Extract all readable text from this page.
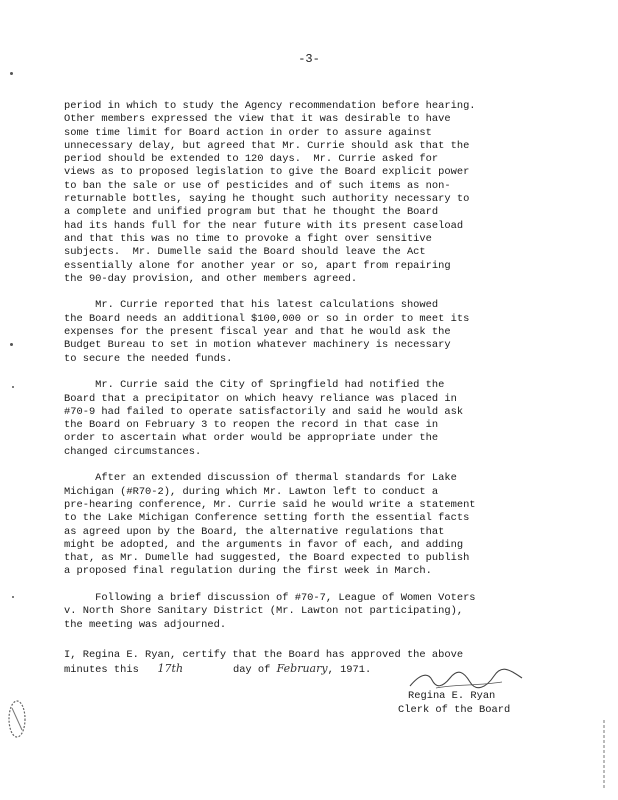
-3-
period in which to study the Agency recommendation before hearing.
Other members expressed the view that it was desirable to have
some time limit for Board action in order to assure against
unnecessary delay, but agreed that Mr. Currie should ask that the
period should be extended to 120 days.  Mr. Currie asked for
views as to proposed legislation to give the Board explicit power
to ban the sale or use of pesticides and of such items as non-
returnable bottles, saying he thought such authority necessary to
a complete and unified program but that he thought the Board
had its hands full for the near future with its present caseload
and that this was no time to provoke a fight over sensitive
subjects.  Mr. Dumelle said the Board should leave the Act
essentially alone for another year or so, apart from repairing
the 90-day provision, and other members agreed.
Mr. Currie reported that his latest calculations showed
the Board needs an additional $100,000 or so in order to meet its
expenses for the present fiscal year and that he would ask the
Budget Bureau to set in motion whatever machinery is necessary
to secure the needed funds.
Mr. Currie said the City of Springfield had notified the
Board that a precipitator on which heavy reliance was placed in
#70-9 had failed to operate satisfactorily and said he would ask
the Board on February 3 to reopen the record in that case in
order to ascertain what order would be appropriate under the
changed circumstances.
After an extended discussion of thermal standards for Lake
Michigan (#R70-2), during which Mr. Lawton left to conduct a
pre-hearing conference, Mr. Currie said he would write a statement
to the Lake Michigan Conference setting forth the essential facts
as agreed upon by the Board, the alternative regulations that
might be adopted, and the arguments in favor of each, and adding
that, as Mr. Dumelle had suggested, the Board expected to publish
a proposed final regulation during the first week in March.
Following a brief discussion of #70-7, League of Women Voters
v. North Shore Sanitary District (Mr. Lawton not participating),
the meeting was adjourned.
I, Regina E. Ryan, certify that the Board has approved the above
minutes this 17th	day of February, 1971.
Regina E. Ryan
Clerk of the Board
